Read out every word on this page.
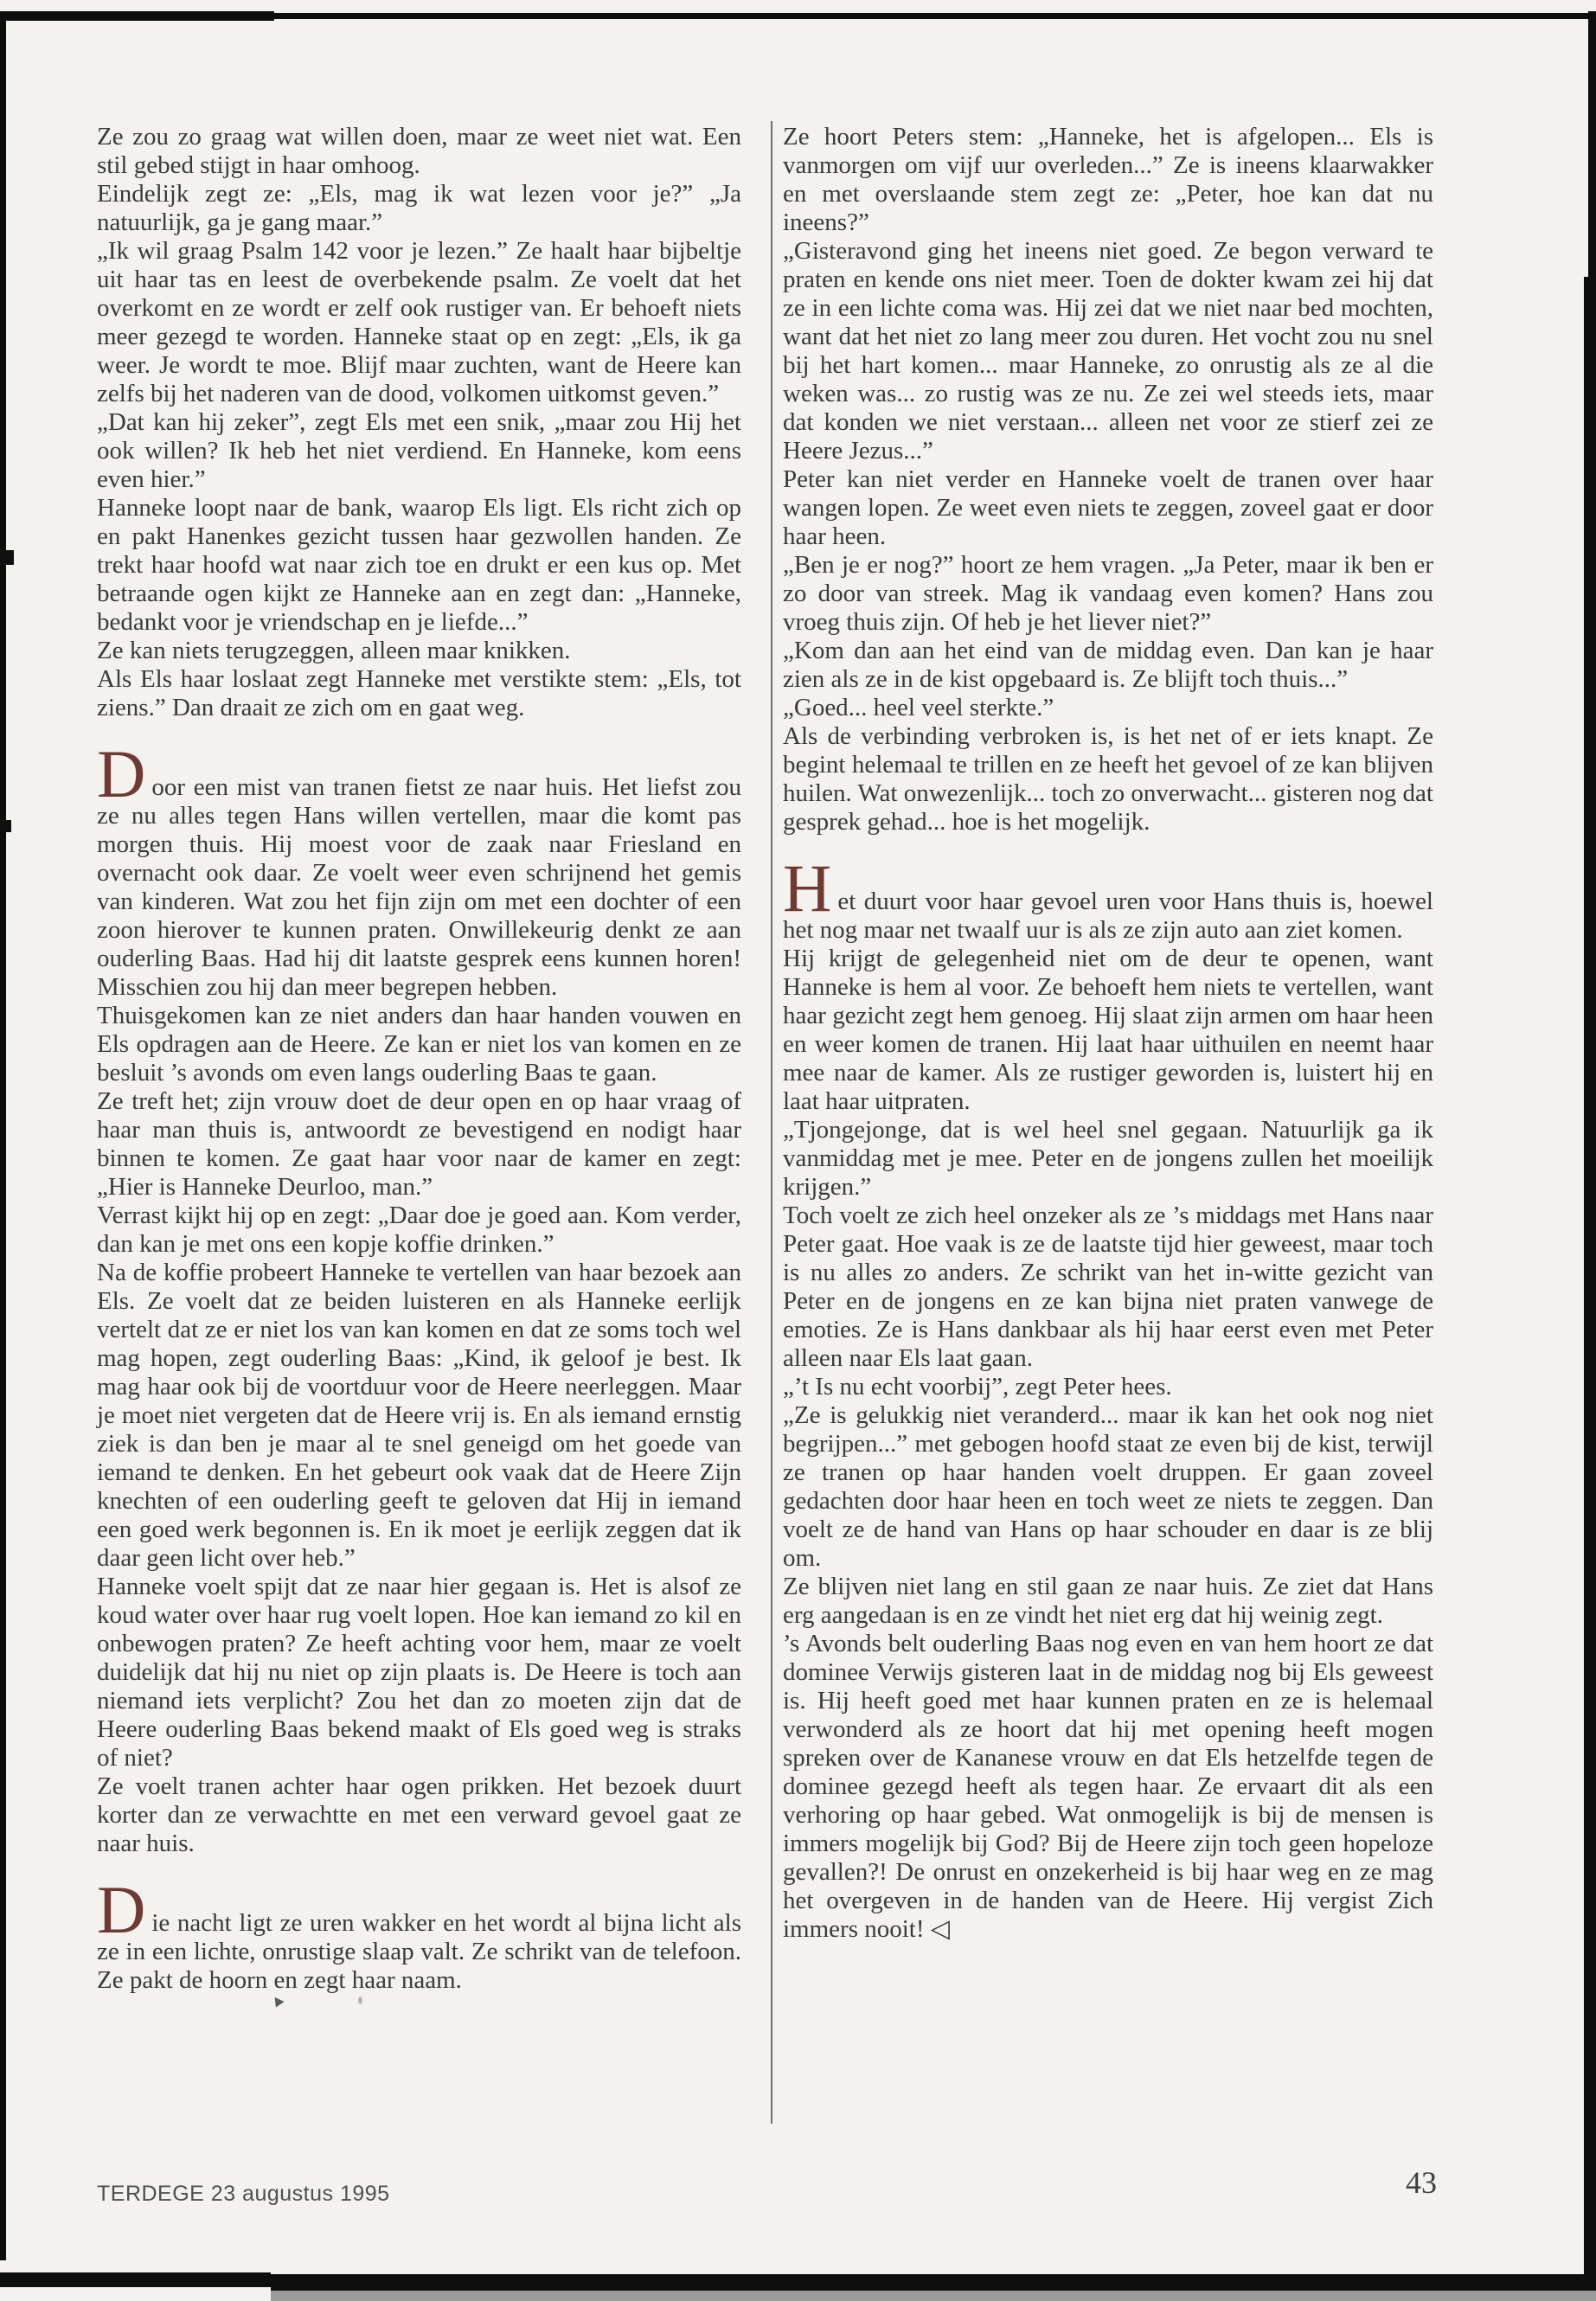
Ze zou zo graag wat willen doen, maar ze weet niet wat. Een stil gebed stijgt in haar omhoog.

Eindelijk zegt ze: „Els, mag ik wat lezen voor je?” „Ja natuurlijk, ga je gang maar.”

„Ik wil graag Psalm 142 voor je lezen.” Ze haalt haar bijbeltje uit haar tas en leest de overbekende psalm. Ze voelt dat het overkomt en ze wordt er zelf ook rustiger van. Er behoeft niets meer gezegd te worden. Hanneke staat op en zegt: „Els, ik ga weer. Je wordt te moe. Blijf maar zuchten, want de Heere kan zelfs bij het naderen van de dood, volkomen uitkomst geven.”

„Dat kan hij zeker”, zegt Els met een snik, „maar zou Hij het ook willen? Ik heb het niet verdiend. En Hanneke, kom eens even hier.”

Hanneke loopt naar de bank, waarop Els ligt. Els richt zich op en pakt Hanenkes gezicht tussen haar gezwollen handen. Ze trekt haar hoofd wat naar zich toe en drukt er een kus op. Met betraande ogen kijkt ze Hanneke aan en zegt dan: „Hanneke, bedankt voor je vriendschap en je liefde...”

Ze kan niets terugzeggen, alleen maar knikken.

Als Els haar loslaat zegt Hanneke met verstikte stem: „Els, tot ziens.” Dan draait ze zich om en gaat weg.

Door een mist van tranen fietst ze naar huis. Het liefst zou ze nu alles tegen Hans willen vertellen, maar die komt pas morgen thuis. Hij moest voor de zaak naar Friesland en overnacht ook daar. Ze voelt weer even schrijnend het gemis van kinderen. Wat zou het fijn zijn om met een dochter of een zoon hierover te kunnen praten. Onwillekeurig denkt ze aan ouderling Baas. Had hij dit laatste gesprek eens kunnen horen! Misschien zou hij dan meer begrepen hebben.

Thuisgekomen kan ze niet anders dan haar handen vouwen en Els opdragen aan de Heere. Ze kan er niet los van komen en ze besluit ’s avonds om even langs ouderling Baas te gaan.

Ze treft het; zijn vrouw doet de deur open en op haar vraag of haar man thuis is, antwoordt ze bevestigend en nodigt haar binnen te komen. Ze gaat haar voor naar de kamer en zegt: „Hier is Hanneke Deurloo, man.”

Verrast kijkt hij op en zegt: „Daar doe je goed aan. Kom verder, dan kan je met ons een kopje koffie drinken.”

Na de koffie probeert Hanneke te vertellen van haar bezoek aan Els. Ze voelt dat ze beiden luisteren en als Hanneke eerlijk vertelt dat ze er niet los van kan komen en dat ze soms toch wel mag hopen, zegt ouderling Baas: „Kind, ik geloof je best. Ik mag haar ook bij de voortduur voor de Heere neerleggen. Maar je moet niet vergeten dat de Heere vrij is. En als iemand ernstig ziek is dan ben je maar al te snel geneigd om het goede van iemand te denken. En het gebeurt ook vaak dat de Heere Zijn knechten of een ouderling geeft te geloven dat Hij in iemand een goed werk begonnen is. En ik moet je eerlijk zeggen dat ik daar geen licht over heb.”

Hanneke voelt spijt dat ze naar hier gegaan is. Het is alsof ze koud water over haar rug voelt lopen. Hoe kan iemand zo kil en onbewogen praten? Ze heeft achting voor hem, maar ze voelt duidelijk dat hij nu niet op zijn plaats is. De Heere is toch aan niemand iets verplicht? Zou het dan zo moeten zijn dat de Heere ouderling Baas bekend maakt of Els goed weg is straks of niet?

Ze voelt tranen achter haar ogen prikken. Het bezoek duurt korter dan ze verwachtte en met een verward gevoel gaat ze naar huis.

Die nacht ligt ze uren wakker en het wordt al bijna licht als ze in een lichte, onrustige slaap valt. Ze schrikt van de telefoon. Ze pakt de hoorn en zegt haar naam.

Ze hoort Peters stem: „Hanneke, het is afgelopen... Els is vanmorgen om vijf uur overleden...” Ze is ineens klaarwakker en met overslaande stem zegt ze: „Peter, hoe kan dat nu ineens?”

„Gisteravond ging het ineens niet goed. Ze begon verward te praten en kende ons niet meer. Toen de dokter kwam zei hij dat ze in een lichte coma was. Hij zei dat we niet naar bed mochten, want dat het niet zo lang meer zou duren. Het vocht zou nu snel bij het hart komen... maar Hanneke, zo onrustig als ze al die weken was... zo rustig was ze nu. Ze zei wel steeds iets, maar dat konden we niet verstaan... alleen net voor ze stierf zei ze Heere Jezus...”

Peter kan niet verder en Hanneke voelt de tranen over haar wangen lopen. Ze weet even niets te zeggen, zoveel gaat er door haar heen.

„Ben je er nog?” hoort ze hem vragen. „Ja Peter, maar ik ben er zo door van streek. Mag ik vandaag even komen? Hans zou vroeg thuis zijn. Of heb je het liever niet?”

„Kom dan aan het eind van de middag even. Dan kan je haar zien als ze in de kist opgebaard is. Ze blijft toch thuis...”

„Goed... heel veel sterkte.”

Als de verbinding verbroken is, is het net of er iets knapt. Ze begint helemaal te trillen en ze heeft het gevoel of ze kan blijven huilen. Wat onwezenlijk... toch zo onverwacht... gisteren nog dat gesprek gehad... hoe is het mogelijk.

Het duurt voor haar gevoel uren voor Hans thuis is, hoewel het nog maar net twaalf uur is als ze zijn auto aan ziet komen.

Hij krijgt de gelegenheid niet om de deur te openen, want Hanneke is hem al voor. Ze behoeft hem niets te vertellen, want haar gezicht zegt hem genoeg. Hij slaat zijn armen om haar heen en weer komen de tranen. Hij laat haar uithuilen en neemt haar mee naar de kamer. Als ze rustiger geworden is, luistert hij en laat haar uitpraten.

„Tjongejonge, dat is wel heel snel gegaan. Natuurlijk ga ik vanmiddag met je mee. Peter en de jongens zullen het moeilijk krijgen.”

Toch voelt ze zich heel onzeker als ze ’s middags met Hans naar Peter gaat. Hoe vaak is ze de laatste tijd hier geweest, maar toch is nu alles zo anders. Ze schrikt van het in-witte gezicht van Peter en de jongens en ze kan bijna niet praten vanwege de emoties. Ze is Hans dankbaar als hij haar eerst even met Peter alleen naar Els laat gaan.

„’t Is nu echt voorbij”, zegt Peter hees.

„Ze is gelukkig niet veranderd... maar ik kan het ook nog niet begrijpen...” met gebogen hoofd staat ze even bij de kist, terwijl ze tranen op haar handen voelt druppen. Er gaan zoveel gedachten door haar heen en toch weet ze niets te zeggen. Dan voelt ze de hand van Hans op haar schouder en daar is ze blij om.

Ze blijven niet lang en stil gaan ze naar huis. Ze ziet dat Hans erg aangedaan is en ze vindt het niet erg dat hij weinig zegt.

’s Avonds belt ouderling Baas nog even en van hem hoort ze dat dominee Verwijs gisteren laat in de middag nog bij Els geweest is. Hij heeft goed met haar kunnen praten en ze is helemaal verwonderd als ze hoort dat hij met opening heeft mogen spreken over de Kananese vrouw en dat Els hetzelfde tegen de dominee gezegd heeft als tegen haar. Ze ervaart dit als een verhoring op haar gebed. Wat onmogelijk is bij de mensen is immers mogelijk bij God? Bij de Heere zijn toch geen hopeloze gevallen?! De onrust en onzekerheid is bij haar weg en ze mag het overgeven in de handen van de Heere. Hij vergist Zich immers nooit! ◁

TERDEGE 23 augustus 1995	43
